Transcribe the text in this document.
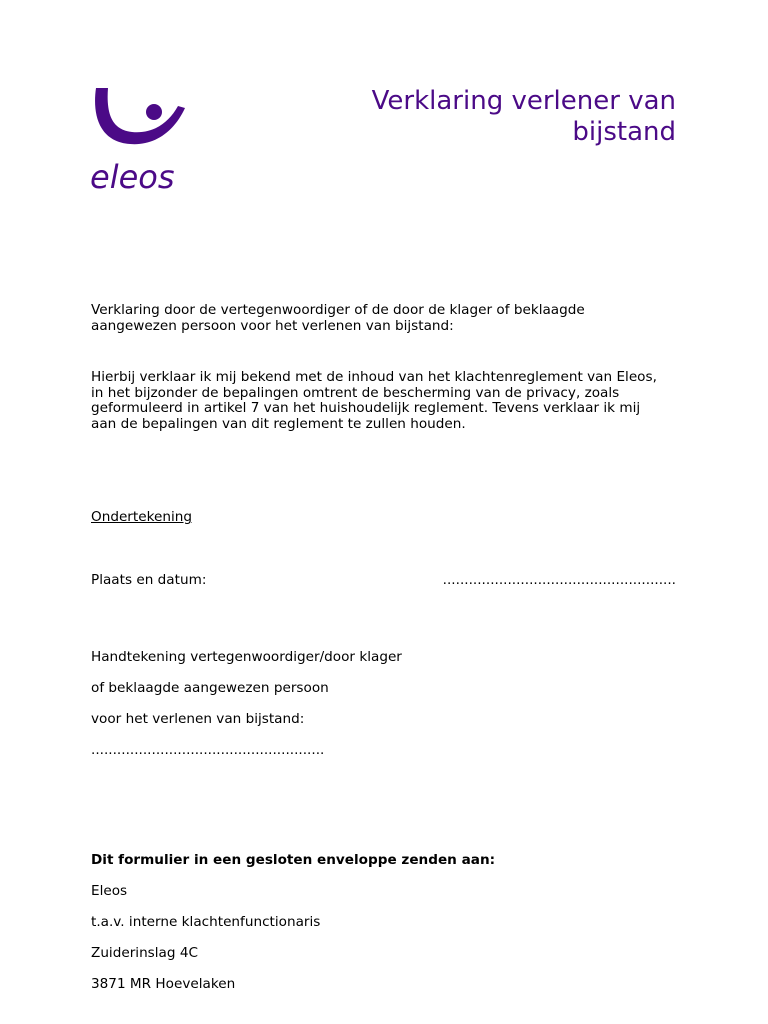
eleos
Verklaring verlener van
bijstand

Verklaring door de vertegenwoordiger of de door de klager of beklaagde
aangewezen persoon voor het verlenen van bijstand:

Hierbij verklaar ik mij bekend met de inhoud van het klachtenreglement van Eleos,
in het bijzonder de bepalingen omtrent de bescherming van de privacy, zoals
geformuleerd in artikel 7 van het huishoudelijk reglement. Tevens verklaar ik mij
aan de bepalingen van dit reglement te zullen houden.

Ondertekening

Plaats en datum:	......................................................

Handtekening vertegenwoordiger/door klager

of beklaagde aangewezen persoon

voor het verlenen van bijstand:

......................................................

Dit formulier in een gesloten enveloppe zenden aan:

Eleos

t.a.v. interne klachtenfunctionaris

Zuiderinslag 4C

3871 MR Hoevelaken
